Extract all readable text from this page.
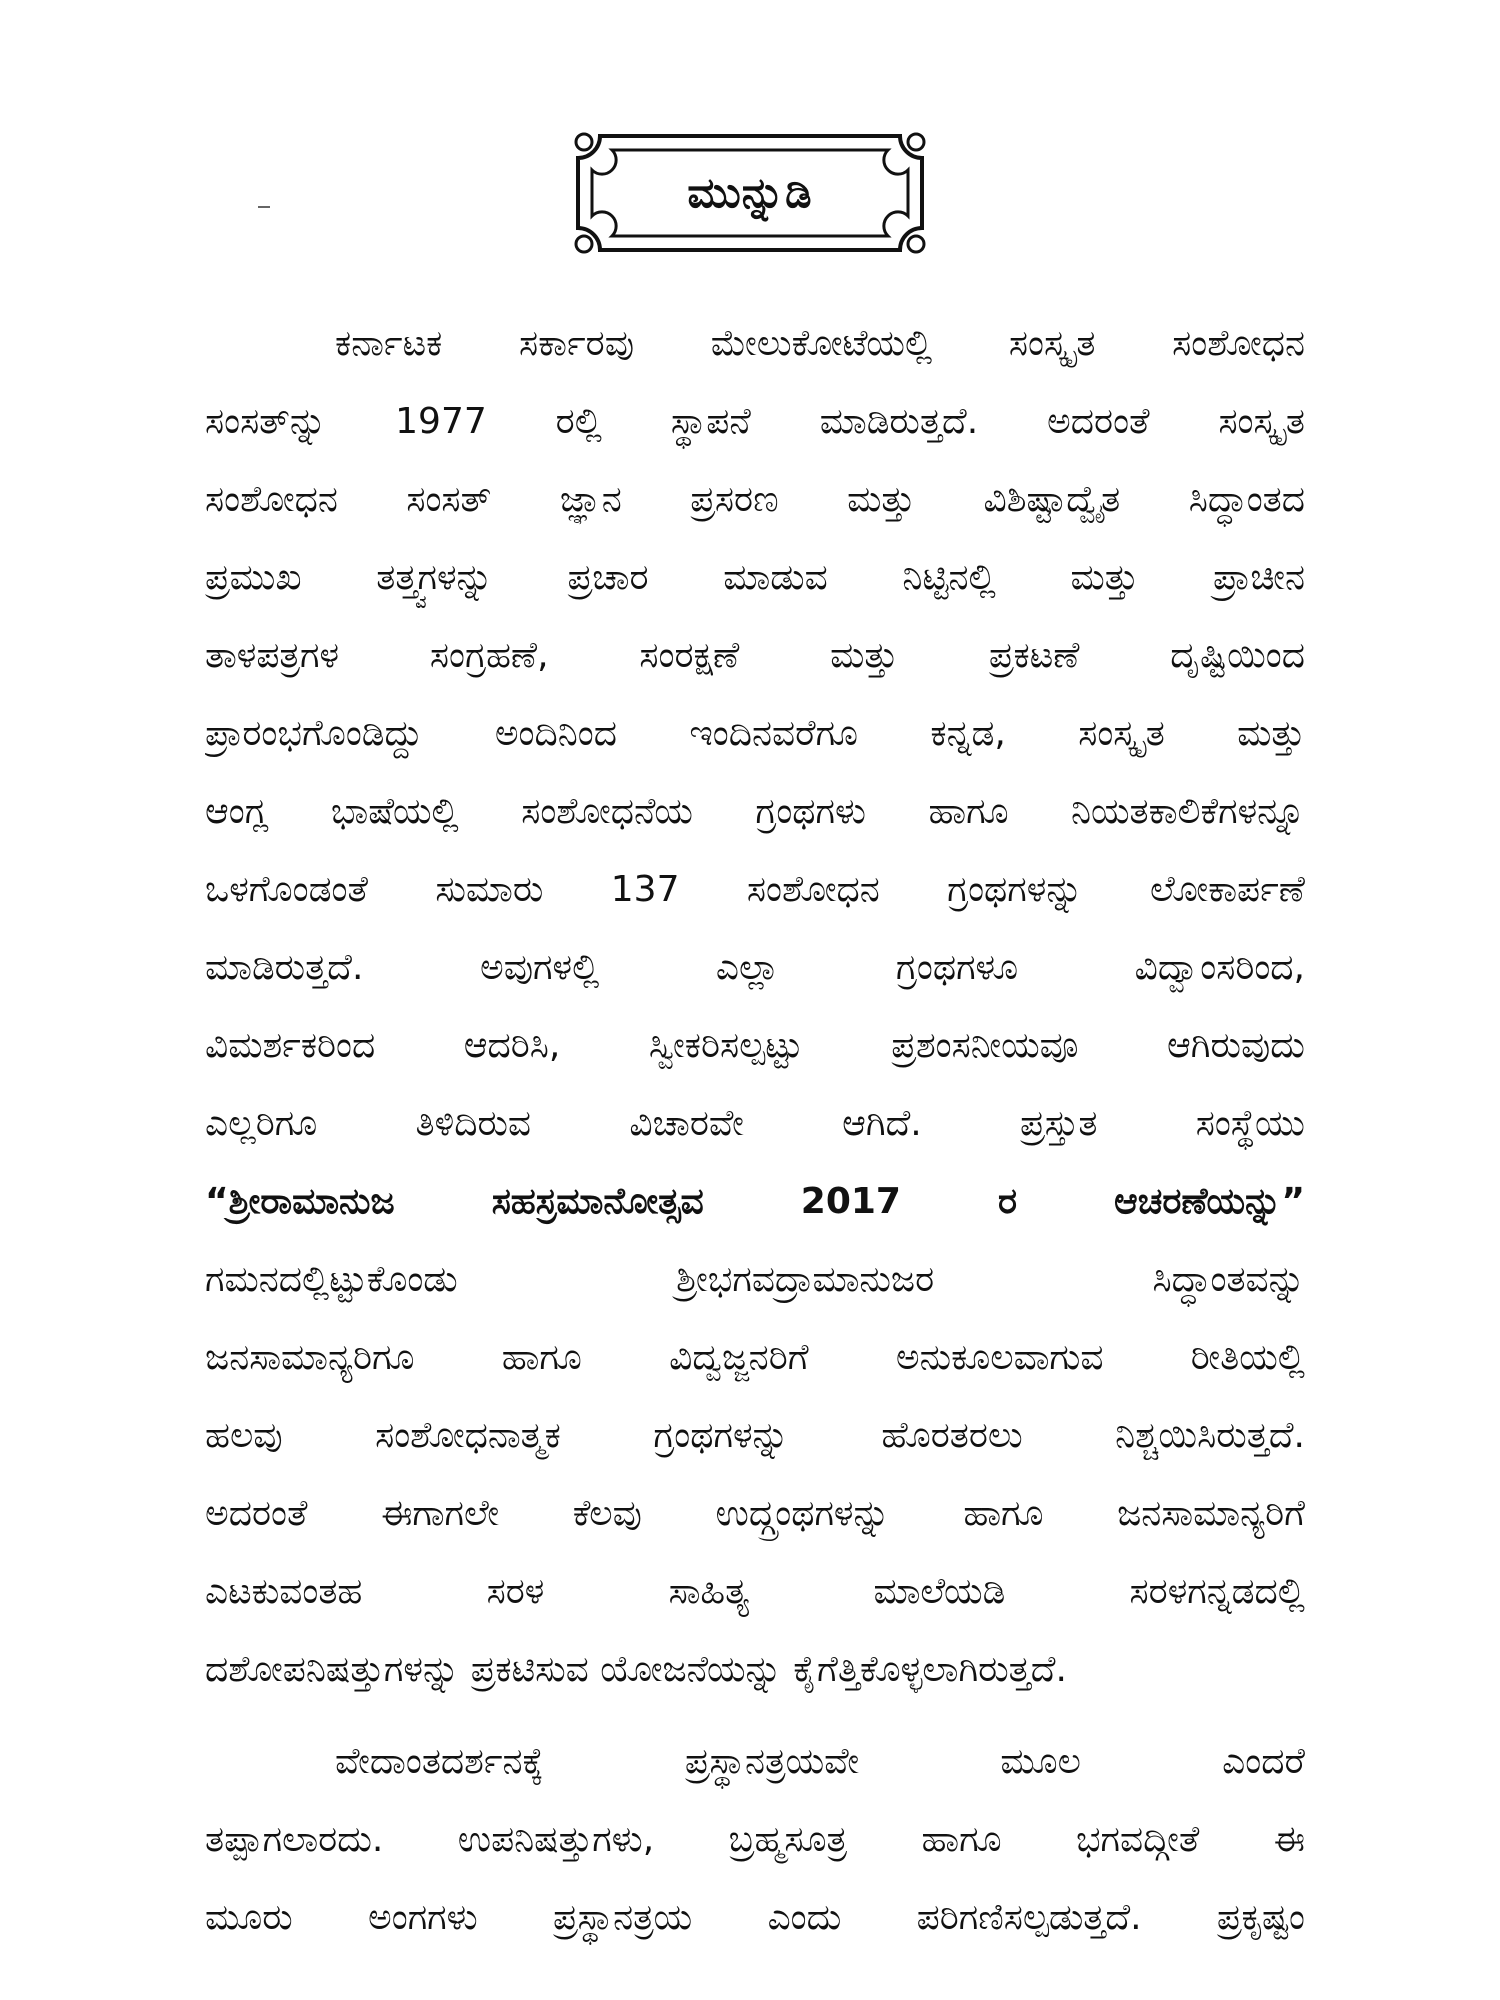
ಮುನ್ನುಡಿ
ಕರ್ನಾಟಕ ಸರ್ಕಾರವು ಮೇಲುಕೋಟೆಯಲ್ಲಿ ಸಂಸ್ಕೃತ ಸಂಶೋಧನ
ಸಂಸತ್‌ನ್ನು 1977 ರಲ್ಲಿ ಸ್ಥಾಪನೆ ಮಾಡಿರುತ್ತದೆ. ಅದರಂತೆ ಸಂಸ್ಕೃತ
ಸಂಶೋಧನ ಸಂಸತ್ ಜ್ಞಾನ ಪ್ರಸರಣ ಮತ್ತು ವಿಶಿಷ್ಟಾದ್ವೈತ ಸಿದ್ಧಾಂತದ
ಪ್ರಮುಖ ತತ್ತ್ವಗಳನ್ನು ಪ್ರಚಾರ ಮಾಡುವ ನಿಟ್ಟಿನಲ್ಲಿ ಮತ್ತು ಪ್ರಾಚೀನ
ತಾಳಪತ್ರಗಳ ಸಂಗ್ರಹಣೆ, ಸಂರಕ್ಷಣೆ ಮತ್ತು ಪ್ರಕಟಣೆ ದೃಷ್ಟಿಯಿಂದ
ಪ್ರಾರಂಭಗೊಂಡಿದ್ದು ಅಂದಿನಿಂದ ಇಂದಿನವರೆಗೂ ಕನ್ನಡ, ಸಂಸ್ಕೃತ ಮತ್ತು
ಆಂಗ್ಲ ಭಾಷೆಯಲ್ಲಿ ಸಂಶೋಧನೆಯ ಗ್ರಂಥಗಳು ಹಾಗೂ ನಿಯತಕಾಲಿಕೆಗಳನ್ನೂ
ಒಳಗೊಂಡಂತೆ ಸುಮಾರು 137 ಸಂಶೋಧನ ಗ್ರಂಥಗಳನ್ನು ಲೋಕಾರ್ಪಣೆ
ಮಾಡಿರುತ್ತದೆ. ಅವುಗಳಲ್ಲಿ ಎಲ್ಲಾ ಗ್ರಂಥಗಳೂ ವಿದ್ವಾಂಸರಿಂದ,
ವಿಮರ್ಶಕರಿಂದ ಆದರಿಸಿ, ಸ್ವೀಕರಿಸಲ್ಪಟ್ಟು ಪ್ರಶಂಸನೀಯವೂ ಆಗಿರುವುದು
ಎಲ್ಲರಿಗೂ ತಿಳಿದಿರುವ ವಿಚಾರವೇ ಆಗಿದೆ. ಪ್ರಸ್ತುತ ಸಂಸ್ಥೆಯು
“ಶ್ರೀರಾಮಾನುಜ ಸಹಸ್ರಮಾನೋತ್ಸವ 2017 ರ ಆಚರಣೆಯನ್ನು”
ಗಮನದಲ್ಲಿಟ್ಟುಕೊಂಡು ಶ್ರೀಭಗವದ್ರಾಮಾನುಜರ ಸಿದ್ಧಾಂತವನ್ನು
ಜನಸಾಮಾನ್ಯರಿಗೂ ಹಾಗೂ ವಿದ್ವಜ್ಜನರಿಗೆ ಅನುಕೂಲವಾಗುವ ರೀತಿಯಲ್ಲಿ
ಹಲವು ಸಂಶೋಧನಾತ್ಮಕ ಗ್ರಂಥಗಳನ್ನು ಹೊರತರಲು ನಿಶ್ಚಯಿಸಿರುತ್ತದೆ.
ಅದರಂತೆ ಈಗಾಗಲೇ ಕೆಲವು ಉದ್ಗ್ರಂಥಗಳನ್ನು ಹಾಗೂ ಜನಸಾಮಾನ್ಯರಿಗೆ
ಎಟಕುವಂತಹ ಸರಳ ಸಾಹಿತ್ಯ ಮಾಲೆಯಡಿ ಸರಳಗನ್ನಡದಲ್ಲಿ
ದಶೋಪನಿಷತ್ತುಗಳನ್ನು ಪ್ರಕಟಿಸುವ ಯೋಜನೆಯನ್ನು ಕೈಗೆತ್ತಿಕೊಳ್ಳಲಾಗಿರುತ್ತದೆ.
ವೇದಾಂತದರ್ಶನಕ್ಕೆ ಪ್ರಸ್ಥಾನತ್ರಯವೇ ಮೂಲ ಎಂದರೆ
ತಪ್ಪಾಗಲಾರದು. ಉಪನಿಷತ್ತುಗಳು, ಬ್ರಹ್ಮಸೂತ್ರ ಹಾಗೂ ಭಗವದ್ಗೀತೆ ಈ
ಮೂರು ಅಂಗಗಳು ಪ್ರಸ್ಥಾನತ್ರಯ ಎಂದು ಪರಿಗಣಿಸಲ್ಪಡುತ್ತದೆ. ಪ್ರಕೃಷ್ಟಂ
